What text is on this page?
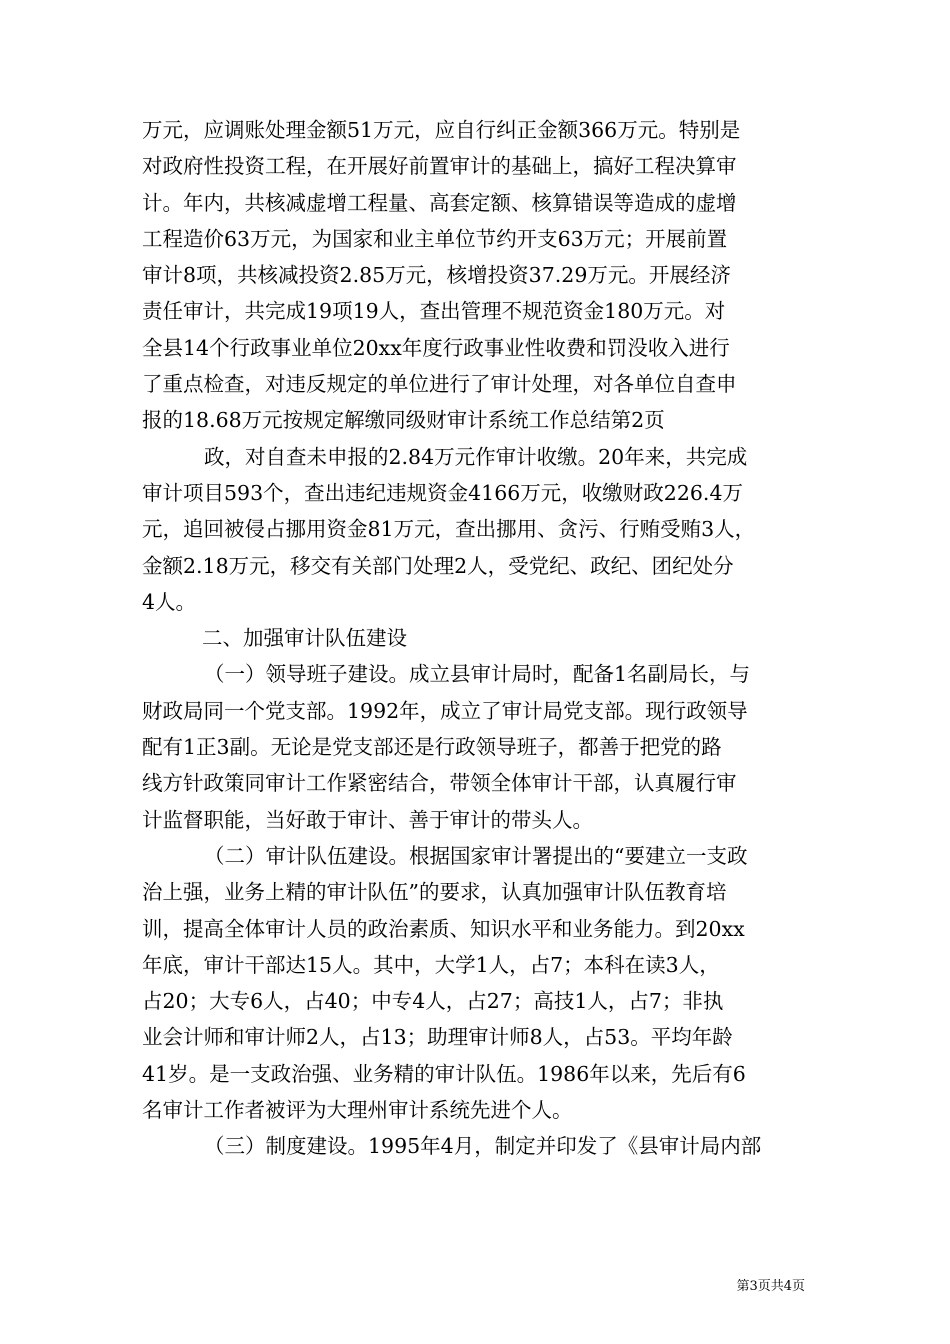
万元，应调账处理金额51万元，应自行纠正金额366万元。特别是
对政府性投资工程，在开展好前置审计的基础上，搞好工程决算审
计。年内，共核减虚增工程量、高套定额、核算错误等造成的虚增
工程造价63万元，为国家和业主单位节约开支63万元；开展前置
审计8项，共核减投资2.85万元，核增投资37.29万元。开展经济
责任审计，共完成19项19人，查出管理不规范资金180万元。对
全县14个行政事业单位20xx年度行政事业性收费和罚没收入进行
了重点检查，对违反规定的单位进行了审计处理，对各单位自查申
报的18.68万元按规定解缴同级财审计系统工作总结第2页
政，对自查未申报的2.84万元作审计收缴。20年来，共完成
审计项目593个，查出违纪违规资金4166万元，收缴财政226.4万
元，追回被侵占挪用资金81万元，查出挪用、贪污、行贿受贿3人，
金额2.18万元，移交有关部门处理2人，受党纪、政纪、团纪处分
4人。
二、加强审计队伍建设
（一）领导班子建设。成立县审计局时，配备1名副局长，与
财政局同一个党支部。1992年，成立了审计局党支部。现行政领导
配有1正3副。无论是党支部还是行政领导班子，都善于把党的路
线方针政策同审计工作紧密结合，带领全体审计干部，认真履行审
计监督职能，当好敢于审计、善于审计的带头人。
（二）审计队伍建设。根据国家审计署提出的“要建立一支政
治上强，业务上精的审计队伍”的要求，认真加强审计队伍教育培
训，提高全体审计人员的政治素质、知识水平和业务能力。到20xx
年底，审计干部达15人。其中，大学1人，占7；本科在读3人，
占20；大专6人，占40；中专4人，占27；高技1人，占7；非执
业会计师和审计师2人，占13；助理审计师8人，占53。平均年龄
41岁。是一支政治强、业务精的审计队伍。1986年以来，先后有6
名审计工作者被评为大理州审计系统先进个人。
（三）制度建设。1995年4月，制定并印发了《县审计局内部
第3页共4页
